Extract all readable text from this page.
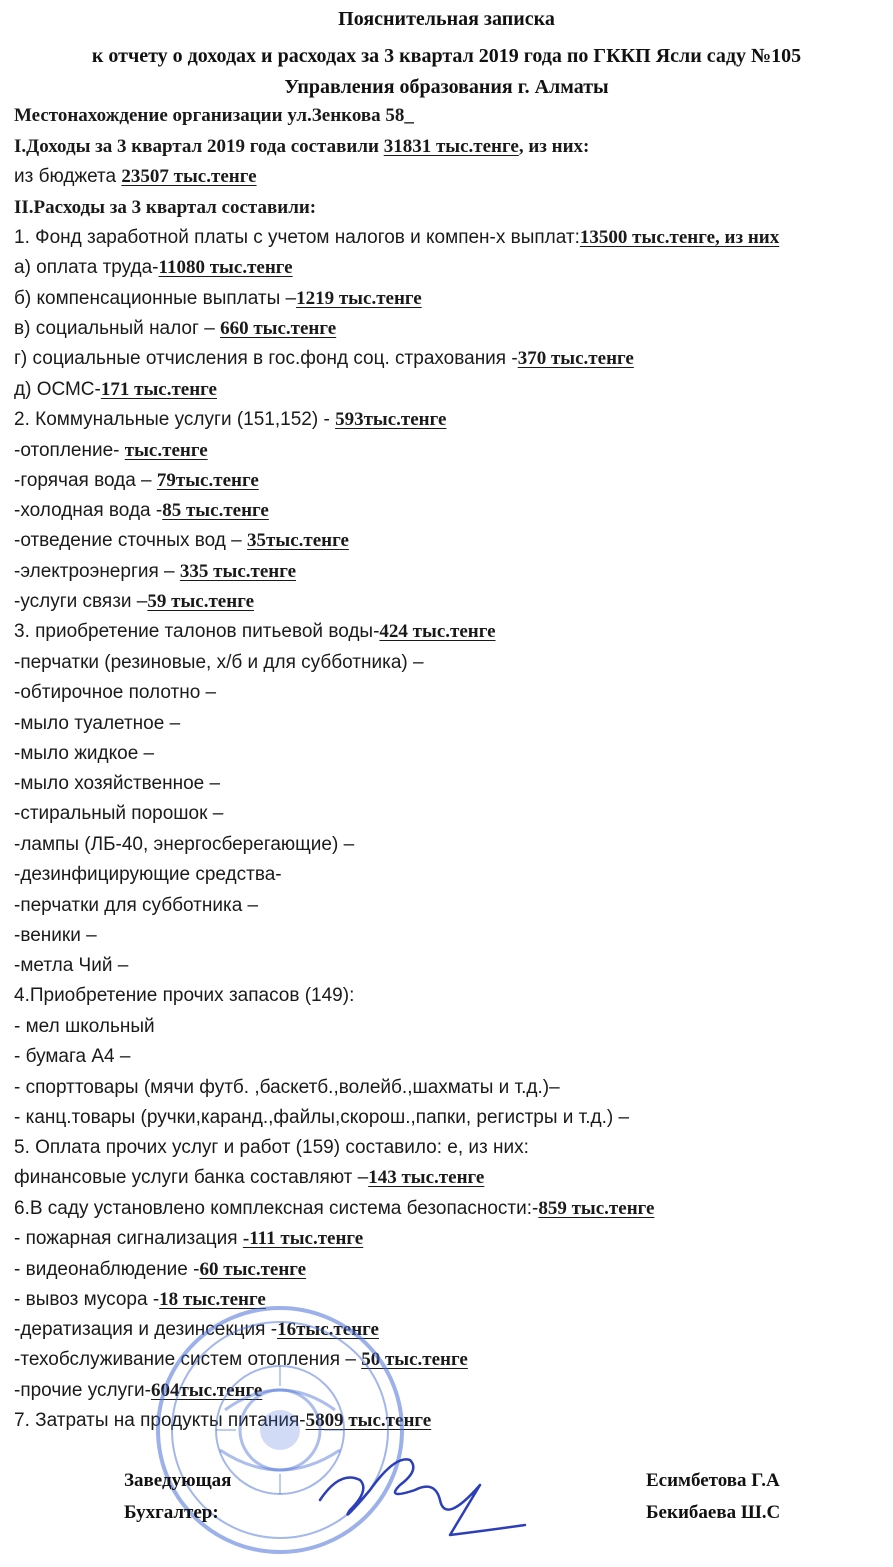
Пояснительная записка
к отчету о доходах и расходах за 3 квартал 2019 года по ГККП Ясли саду №105
Управления образования г. Алматы
Местонахождение организации ул.Зенкова 58_
I.Доходы за 3 квартал 2019 года составили 31831 тыс.тенге, из них:
из бюджета 23507 тыс.тенге
II.Расходы за 3 квартал составили:
1. Фонд заработной платы с учетом налогов и компен-х выплат:13500 тыс.тенге, из них
а) оплата труда-11080 тыс.тенге
б) компенсационные выплаты –1219 тыс.тенге
в) социальный налог – 660 тыс.тенге
г) социальные отчисления в гос.фонд соц. страхования -370 тыс.тенге
д) ОСМС-171 тыс.тенге
2. Коммунальные услуги (151,152) - 593тыс.тенге
-отопление- тыс.тенге
-горячая вода – 79тыс.тенге
-холодная вода -85 тыс.тенге
-отведение сточных вод – 35тыс.тенге
-электроэнергия – 335 тыс.тенге
-услуги связи –59 тыс.тенге
3. приобретение талонов питьевой воды-424 тыс.тенге
-перчатки (резиновые, х/б и для субботника) –
-обтирочное полотно –
-мыло туалетное –
-мыло жидкое –
-мыло хозяйственное –
-стиральный порошок –
-лампы (ЛБ-40, энергосберегающие) –
-дезинфицирующие средства-
-перчатки для субботника –
-веники –
-метла Чий –
4.Приобретение прочих запасов (149):
- мел школьный
- бумага А4 –
- спорттовары (мячи футб. ,баскетб.,волейб.,шахматы и т.д.)–
- канц.товары (ручки,каранд.,файлы,скорош.,папки, регистры и т.д.) –
5. Оплата прочих услуг и работ (159) составило: е, из них:
финансовые услуги банка составляют –143 тыс.тенге
6.В саду установлено комплексная система безопасности:-859 тыс.тенге
- пожарная сигнализация -111 тыс.тенге
- видеонаблюдение -60 тыс.тенге
- вывоз мусора -18 тыс.тенге
-дератизация и дезинсекция -16тыс.тенге
-техобслуживание систем отопления – 50 тыс.тенге
-прочие услуги-604тыс.тенге
7. Затраты на продукты питания-5809 тыс.тенге
Заведующая	Есимбетова Г.А
Бухгалтер:	Бекибаева Ш.С
